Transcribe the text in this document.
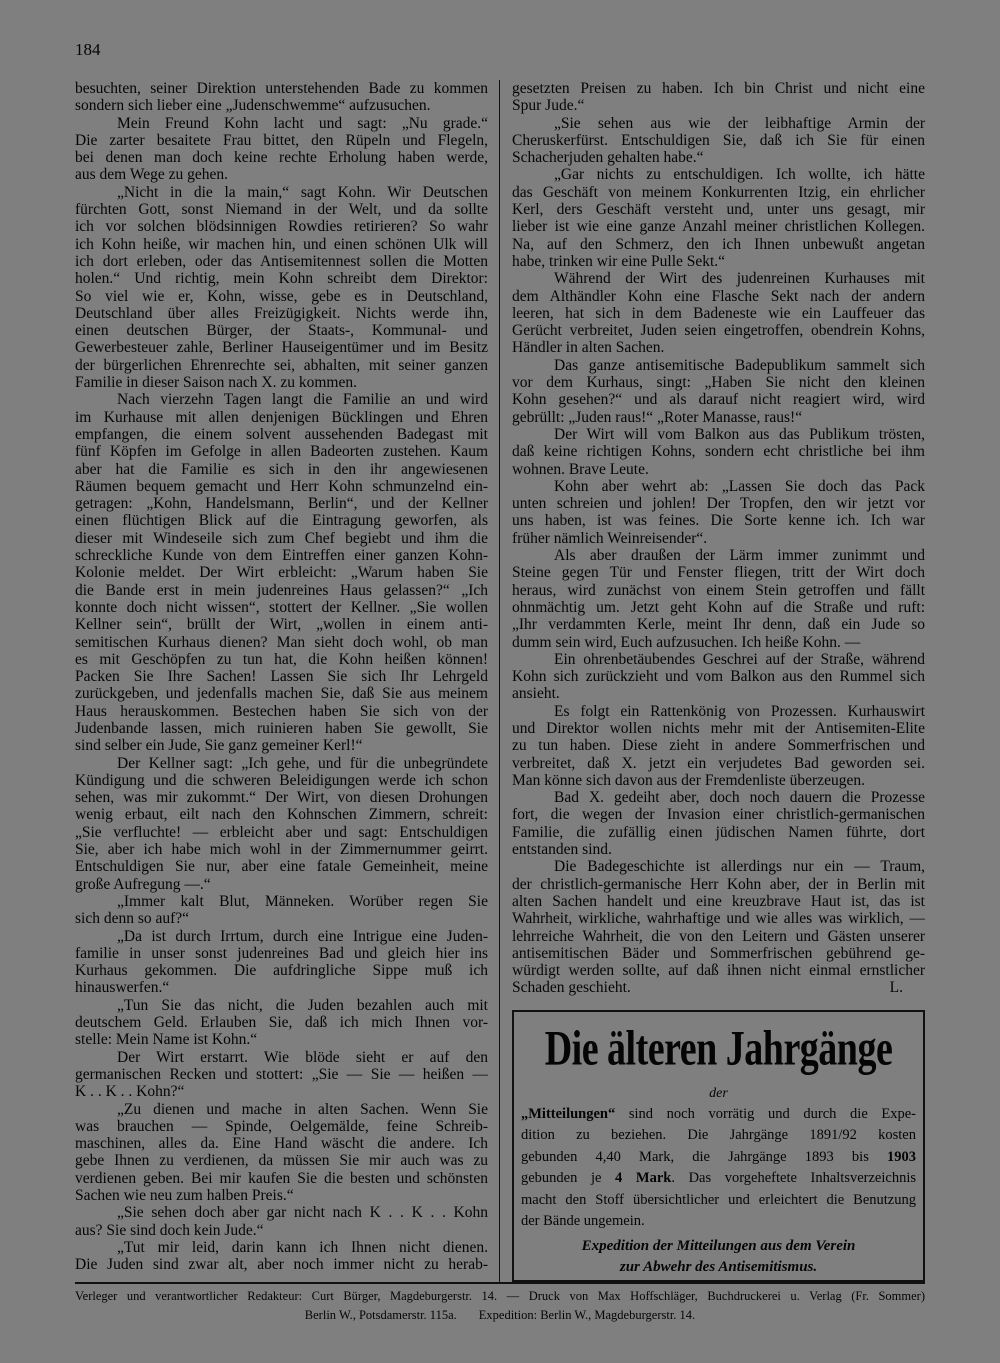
184
besuchten, seiner Direktion unterstehenden Bade zu kommen
sondern sich lieber eine „Judenschwemme“ aufzusuchen.
Mein Freund Kohn lacht und sagt: „Nu grade.“
Die zarter besaitete Frau bittet, den Rüpeln und Flegeln,
bei denen man doch keine rechte Erholung haben werde,
aus dem Wege zu gehen.
„Nicht in die la main,“ sagt Kohn. Wir Deutschen
fürchten Gott, sonst Niemand in der Welt, und da sollte
ich vor solchen blödsinnigen Rowdies retirieren? So wahr
ich Kohn heiße, wir machen hin, und einen schönen Ulk will
ich dort erleben, oder das Antisemitennest sollen die Motten
holen.“ Und richtig, mein Kohn schreibt dem Direktor:
So viel wie er, Kohn, wisse, gebe es in Deutschland,
Deutschland über alles Freizügigkeit. Nichts werde ihn,
einen deutschen Bürger, der Staats-, Kommunal- und
Gewerbesteuer zahle, Berliner Hauseigentümer und im Besitz
der bürgerlichen Ehrenrechte sei, abhalten, mit seiner ganzen
Familie in dieser Saison nach X. zu kommen.
Nach vierzehn Tagen langt die Familie an und wird
im Kurhause mit allen denjenigen Bücklingen und Ehren
empfangen, die einem solvent aussehenden Badegast mit
fünf Köpfen im Gefolge in allen Badeorten zustehen. Kaum
aber hat die Familie es sich in den ihr angewiesenen
Räumen bequem gemacht und Herr Kohn schmunzelnd ein-
getragen: „Kohn, Handelsmann, Berlin“, und der Kellner
einen flüchtigen Blick auf die Eintragung geworfen, als
dieser mit Windeseile sich zum Chef begiebt und ihm die
schreckliche Kunde von dem Eintreffen einer ganzen Kohn-
Kolonie meldet. Der Wirt erbleicht: „Warum haben Sie
die Bande erst in mein judenreines Haus gelassen?“ „Ich
konnte doch nicht wissen“, stottert der Kellner. „Sie wollen
Kellner sein“, brüllt der Wirt, „wollen in einem anti-
semitischen Kurhaus dienen? Man sieht doch wohl, ob man
es mit Geschöpfen zu tun hat, die Kohn heißen können!
Packen Sie Ihre Sachen! Lassen Sie sich Ihr Lehrgeld
zurückgeben, und jedenfalls machen Sie, daß Sie aus meinem
Haus herauskommen. Bestechen haben Sie sich von der
Judenbande lassen, mich ruinieren haben Sie gewollt, Sie
sind selber ein Jude, Sie ganz gemeiner Kerl!“
Der Kellner sagt: „Ich gehe, und für die unbegründete
Kündigung und die schweren Beleidigungen werde ich schon
sehen, was mir zukommt.“ Der Wirt, von diesen Drohungen
wenig erbaut, eilt nach den Kohnschen Zimmern, schreit:
„Sie verfluchte! — erbleicht aber und sagt: Entschuldigen
Sie, aber ich habe mich wohl in der Zimmernummer geirrt.
Entschuldigen Sie nur, aber eine fatale Gemeinheit, meine
große Aufregung —.“
„Immer kalt Blut, Männeken. Worüber regen Sie
sich denn so auf?“
„Da ist durch Irrtum, durch eine Intrigue eine Juden-
familie in unser sonst judenreines Bad und gleich hier ins
Kurhaus gekommen. Die aufdringliche Sippe muß ich
hinauswerfen.“
„Tun Sie das nicht, die Juden bezahlen auch mit
deutschem Geld. Erlauben Sie, daß ich mich Ihnen vor-
stelle: Mein Name ist Kohn.“
Der Wirt erstarrt. Wie blöde sieht er auf den
germanischen Recken und stottert: „Sie — Sie — heißen —
K . . K . . Kohn?“
„Zu dienen und mache in alten Sachen. Wenn Sie
was brauchen — Spinde, Oelgemälde, feine Schreib-
maschinen, alles da. Eine Hand wäscht die andere. Ich
gebe Ihnen zu verdienen, da müssen Sie mir auch was zu
verdienen geben. Bei mir kaufen Sie die besten und schönsten
Sachen wie neu zum halben Preis.“
„Sie sehen doch aber gar nicht nach K . . K . . Kohn
aus? Sie sind doch kein Jude.“
„Tut mir leid, darin kann ich Ihnen nicht dienen.
Die Juden sind zwar alt, aber noch immer nicht zu herab-
gesetzten Preisen zu haben. Ich bin Christ und nicht eine
Spur Jude.“
„Sie sehen aus wie der leibhaftige Armin der
Cheruskerfürst. Entschuldigen Sie, daß ich Sie für einen
Schacherjuden gehalten habe.“
„Gar nichts zu entschuldigen. Ich wollte, ich hätte
das Geschäft von meinem Konkurrenten Itzig, ein ehrlicher
Kerl, ders Geschäft versteht und, unter uns gesagt, mir
lieber ist wie eine ganze Anzahl meiner christlichen Kollegen.
Na, auf den Schmerz, den ich Ihnen unbewußt angetan
habe, trinken wir eine Pulle Sekt.“
Während der Wirt des judenreinen Kurhauses mit
dem Althändler Kohn eine Flasche Sekt nach der andern
leeren, hat sich in dem Badeneste wie ein Lauffeuer das
Gerücht verbreitet, Juden seien eingetroffen, obendrein Kohns,
Händler in alten Sachen.
Das ganze antisemitische Badepublikum sammelt sich
vor dem Kurhaus, singt: „Haben Sie nicht den kleinen
Kohn gesehen?“ und als darauf nicht reagiert wird, wird
gebrüllt: „Juden raus!“ „Roter Manasse, raus!“
Der Wirt will vom Balkon aus das Publikum trösten,
daß keine richtigen Kohns, sondern echt christliche bei ihm
wohnen. Brave Leute.
Kohn aber wehrt ab: „Lassen Sie doch das Pack
unten schreien und johlen! Der Tropfen, den wir jetzt vor
uns haben, ist was feines. Die Sorte kenne ich. Ich war
früher nämlich Weinreisender“.
Als aber draußen der Lärm immer zunimmt und
Steine gegen Tür und Fenster fliegen, tritt der Wirt doch
heraus, wird zunächst von einem Stein getroffen und fällt
ohnmächtig um. Jetzt geht Kohn auf die Straße und ruft:
„Ihr verdammten Kerle, meint Ihr denn, daß ein Jude so
dumm sein wird, Euch aufzusuchen. Ich heiße Kohn. —
Ein ohrenbetäubendes Geschrei auf der Straße, während
Kohn sich zurückzieht und vom Balkon aus den Rummel sich
ansieht.
Es folgt ein Rattenkönig von Prozessen. Kurhauswirt
und Direktor wollen nichts mehr mit der Antisemiten-Elite
zu tun haben. Diese zieht in andere Sommerfrischen und
verbreitet, daß X. jetzt ein verjudetes Bad geworden sei.
Man könne sich davon aus der Fremdenliste überzeugen.
Bad X. gedeiht aber, doch noch dauern die Prozesse
fort, die wegen der Invasion einer christlich-germanischen
Familie, die zufällig einen jüdischen Namen führte, dort
entstanden sind.
Die Badegeschichte ist allerdings nur ein — Traum,
der christlich-germanische Herr Kohn aber, der in Berlin mit
alten Sachen handelt und eine kreuzbrave Haut ist, das ist
Wahrheit, wirkliche, wahrhaftige und wie alles was wirklich, —
lehrreiche Wahrheit, die von den Leitern und Gästen unserer
antisemitischen Bäder und Sommerfrischen gebührend ge-
würdigt werden sollte, auf daß ihnen nicht einmal ernstlicher
Schaden geschieht.	L.
Die älteren Jahrgänge
der
„Mitteilungen“ sind noch vorrätig und durch die Expe-
dition zu beziehen. Die Jahrgänge 1891/92 kosten
gebunden 4,40 Mark, die Jahrgänge 1893 bis 1903
gebunden je 4 Mark. Das vorgeheftete Inhaltsverzeichnis
macht den Stoff übersichtlicher und erleichtert die Benutzung
der Bände ungemein.
Expedition der Mitteilungen aus dem Verein
zur Abwehr des Antisemitismus.
Verleger und verantwortlicher Redakteur: Curt Bürger, Magdeburgerstr. 14. — Druck von Max Hoffschläger, Buchdruckerei u. Verlag (Fr. Sommer)
Berlin W., Potsdamerstr. 115a. Expedition: Berlin W., Magdeburgerstr. 14.
